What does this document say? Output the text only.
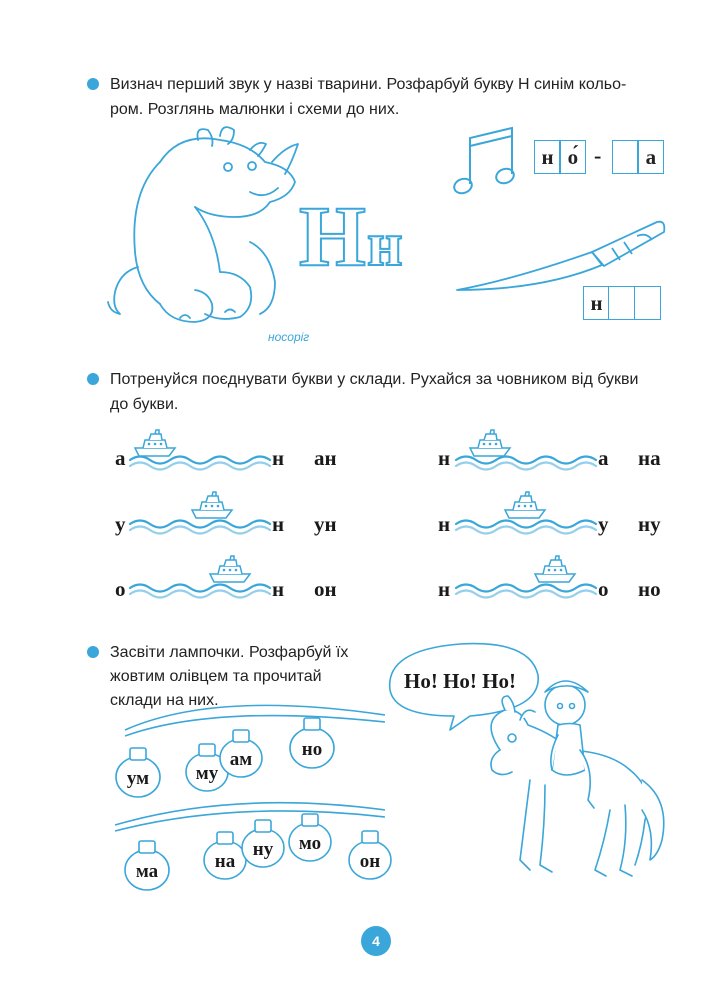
Визнач перший звук у назві тварини. Розфарбуй букву Н синім кольо-
ром. Розглянь малюнки і схеми до них.
носоріг
Н н
н о́ -	а
н
Потренуйся поєднувати букви у склади. Рухайся за човником від букви
до букви.
а	н ан
у	н ун
о	н он
н	а на
н	у ну
н	о но
Засвіти лампочки. Розфарбуй їх
жовтим олівцем та прочитай
склади на них.
ум му
ам	но
ма	на
ну мо
он
Но! Но! Но!
4
